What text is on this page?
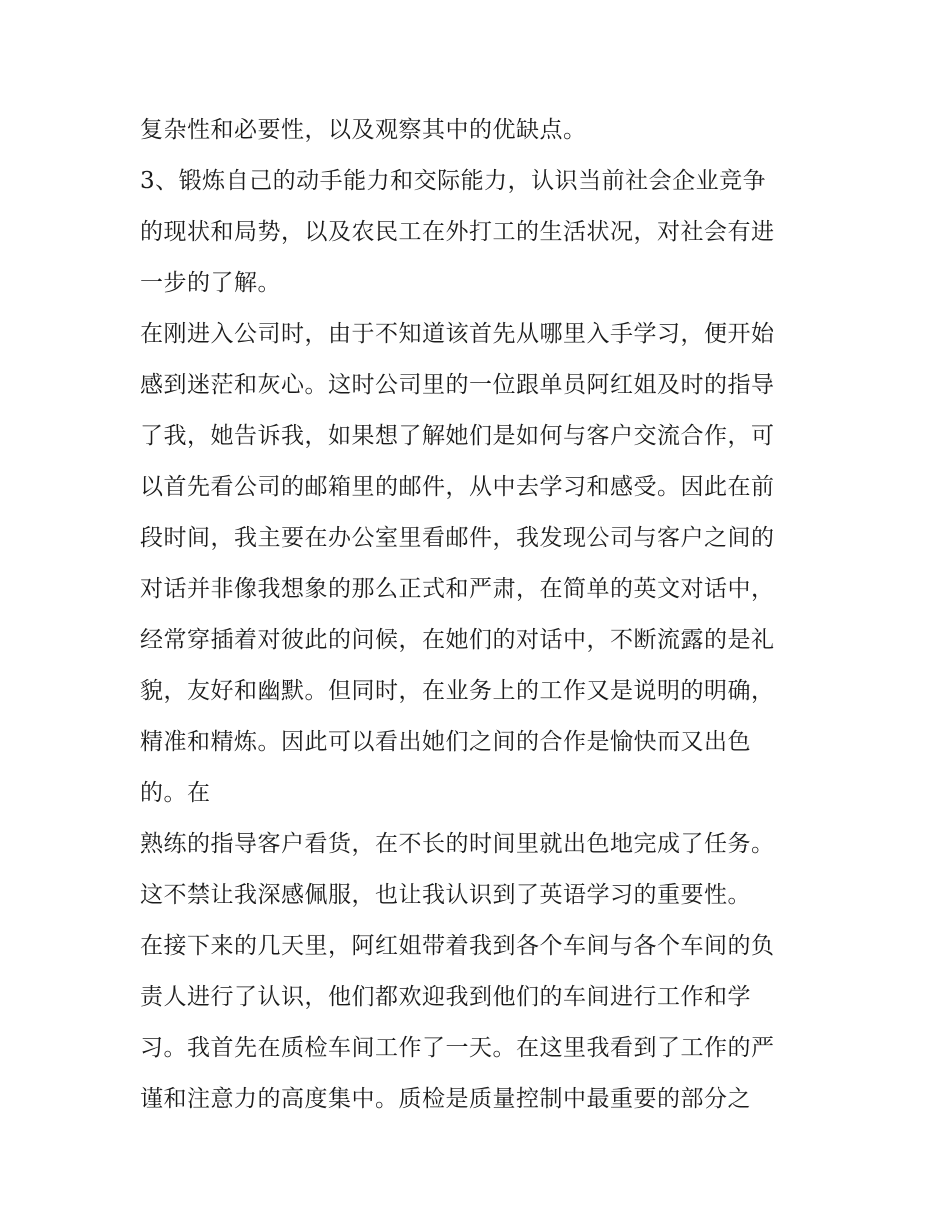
复杂性和必要性，以及观察其中的优缺点。
3、锻炼自己的动手能力和交际能力，认识当前社会企业竞争
的现状和局势，以及农民工在外打工的生活状况，对社会有进
一步的了解。
在刚进入公司时，由于不知道该首先从哪里入手学习，便开始
感到迷茫和灰心。这时公司里的一位跟单员阿红姐及时的指导
了我，她告诉我，如果想了解她们是如何与客户交流合作，可
以首先看公司的邮箱里的邮件，从中去学习和感受。因此在前
段时间，我主要在办公室里看邮件，我发现公司与客户之间的
对话并非像我想象的那么正式和严肃，在简单的英文对话中，
经常穿插着对彼此的问候，在她们的对话中，不断流露的是礼
貌，友好和幽默。但同时，在业务上的工作又是说明的明确，
精准和精炼。因此可以看出她们之间的合作是愉快而又出色
的。在
熟练的指导客户看货，在不长的时间里就出色地完成了任务。
这不禁让我深感佩服，也让我认识到了英语学习的重要性。
在接下来的几天里，阿红姐带着我到各个车间与各个车间的负
责人进行了认识，他们都欢迎我到他们的车间进行工作和学
习。我首先在质检车间工作了一天。在这里我看到了工作的严
谨和注意力的高度集中。质检是质量控制中最重要的部分之
